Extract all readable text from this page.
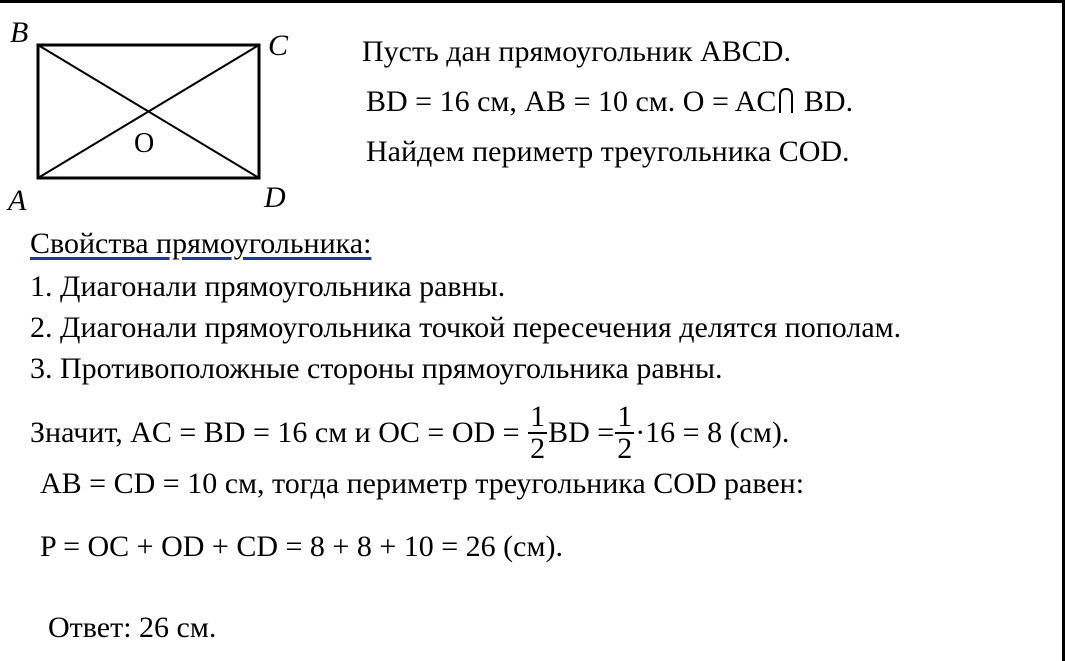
B	C
A	D
O
Пусть дан прямоугольник ABCD.
BD = 16 см, AB = 10 см. O = AC BD.
Найдем периметр треугольника COD.
Свойства прямоугольника:
1. Диагонали прямоугольника равны.
2. Диагонали прямоугольника точкой пересечения делятся пополам.
3. Противоположные стороны прямоугольника равны.
Значит, AC = BD = 16 см и OC = OD = $\frac{1}{2}$ BD = $\frac{1}{2} \cdot 16 = 8$ (см).
AB = CD = 10 см, тогда периметр треугольника COD равен:
P = OC + OD + CD = 8 + 8 + 10 = 26 (см).
Ответ: 26 см.
